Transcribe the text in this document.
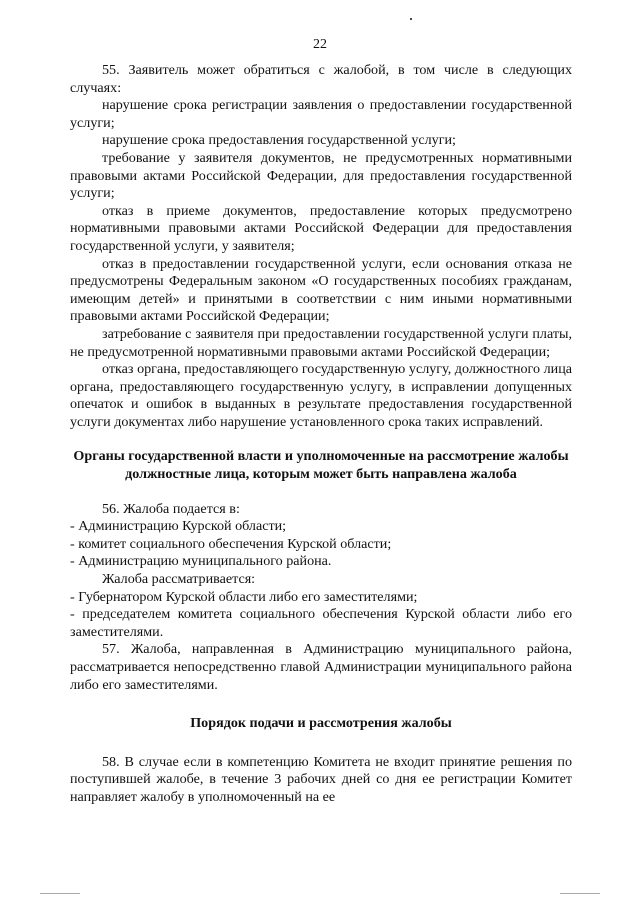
22

55. Заявитель может обратиться с жалобой, в том числе в следующих случаях:

нарушение срока регистрации заявления о предоставлении государственной услуги;

нарушение срока предоставления государственной услуги;

требование у заявителя документов, не предусмотренных нормативными правовыми актами Российской Федерации, для предоставления государственной услуги;

отказ в приеме документов, предоставление которых предусмотрено нормативными правовыми актами Российской Федерации для предоставления государственной услуги, у заявителя;

отказ в предоставлении государственной услуги, если основания отказа не предусмотрены Федеральным законом «О государственных пособиях гражданам, имеющим детей» и принятыми в соответствии с ним иными нормативными правовыми актами Российской Федерации;

затребование с заявителя при предоставлении государственной услуги платы, не предусмотренной нормативными правовыми актами Российской Федерации;

отказ органа, предоставляющего государственную услугу, должностного лица органа, предоставляющего государственную услугу, в исправлении допущенных опечаток и ошибок в выданных в результате предоставления государственной услуги документах либо нарушение установленного срока таких исправлений.

Органы государственной власти и уполномоченные на рассмотрение жалобы должностные лица, которым может быть направлена жалоба

56. Жалоба подается в:

- Администрацию Курской области;

- комитет социального обеспечения Курской области;

- Администрацию муниципального района.

Жалоба рассматривается:

- Губернатором Курской области либо его заместителями;

- председателем комитета социального обеспечения Курской области либо его заместителями.

57. Жалоба, направленная в Администрацию муниципального района, рассматривается непосредственно главой Администрации муниципального района либо его заместителями.

Порядок подачи и рассмотрения жалобы

58. В случае если в компетенцию Комитета не входит принятие решения по поступившей жалобе, в течение 3 рабочих дней со дня ее регистрации Комитет направляет жалобу в уполномоченный на ее
